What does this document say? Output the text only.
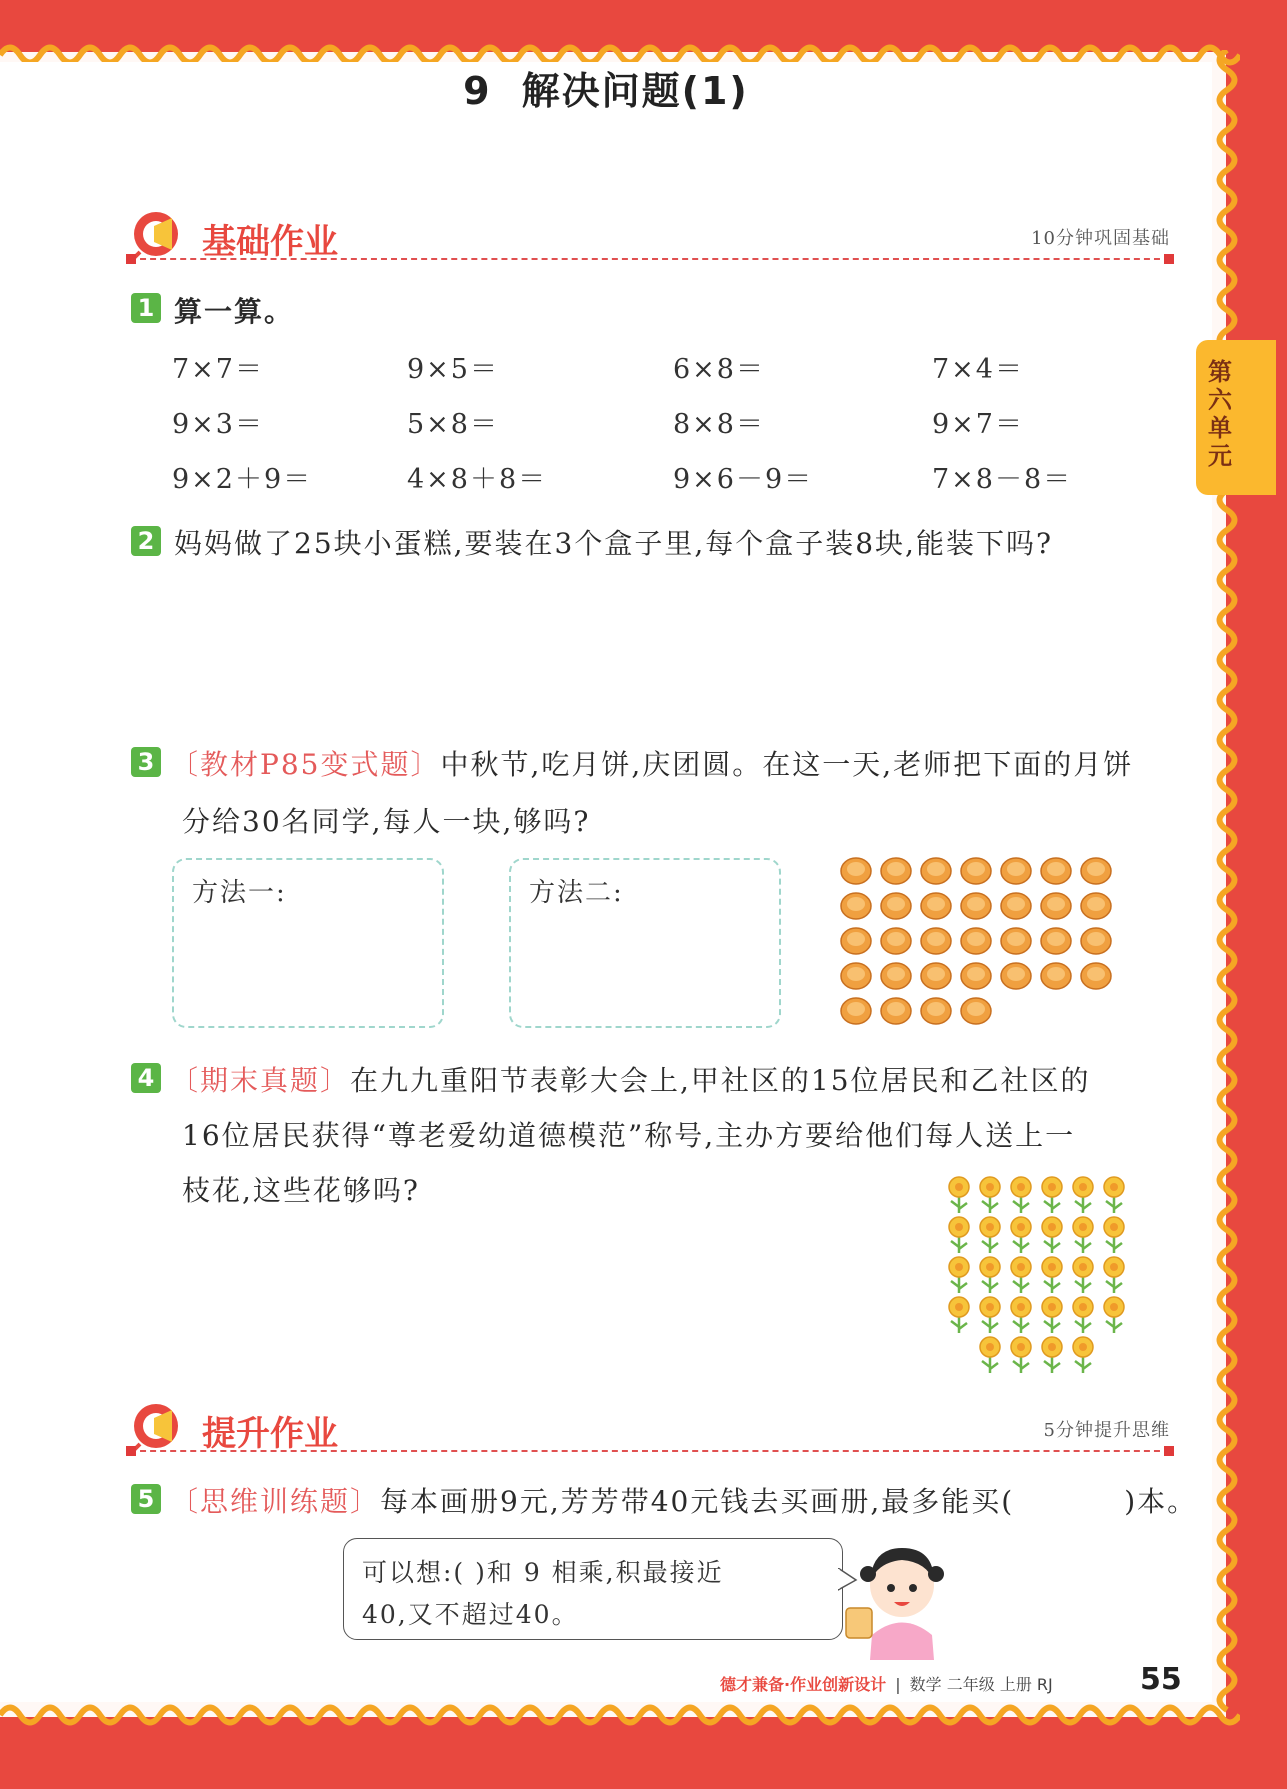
9 解决问题(1)
第六单元
基础作业	10分钟巩固基础
1 算一算。
7×7＝	9×5＝	6×8＝	7×4＝
9×3＝	5×8＝	8×8＝	9×7＝
9×2＋9＝	4×8＋8＝	9×6－9＝	7×8－8＝
2 妈妈做了25块小蛋糕,要装在3个盒子里,每个盒子装8块,能装下吗?
3 〔教材P85变式题〕中秋节,吃月饼,庆团圆。在这一天,老师把下面的月饼
分给30名同学,每人一块,够吗?
方法一:	方法二:
4 〔期末真题〕在九九重阳节表彰大会上,甲社区的15位居民和乙社区的
16位居民获得“尊老爱幼道德模范”称号,主办方要给他们每人送上一
枝花,这些花够吗?
提升作业	5分钟提升思维
5 〔思维训练题〕每本画册9元,芳芳带40元钱去买画册,最多能买(	)本。
可以想:( )和 9 相乘,积最接近
40,又不超过40。
德才兼备·作业创新设计 | 数学 二年级 上册 RJ	55
